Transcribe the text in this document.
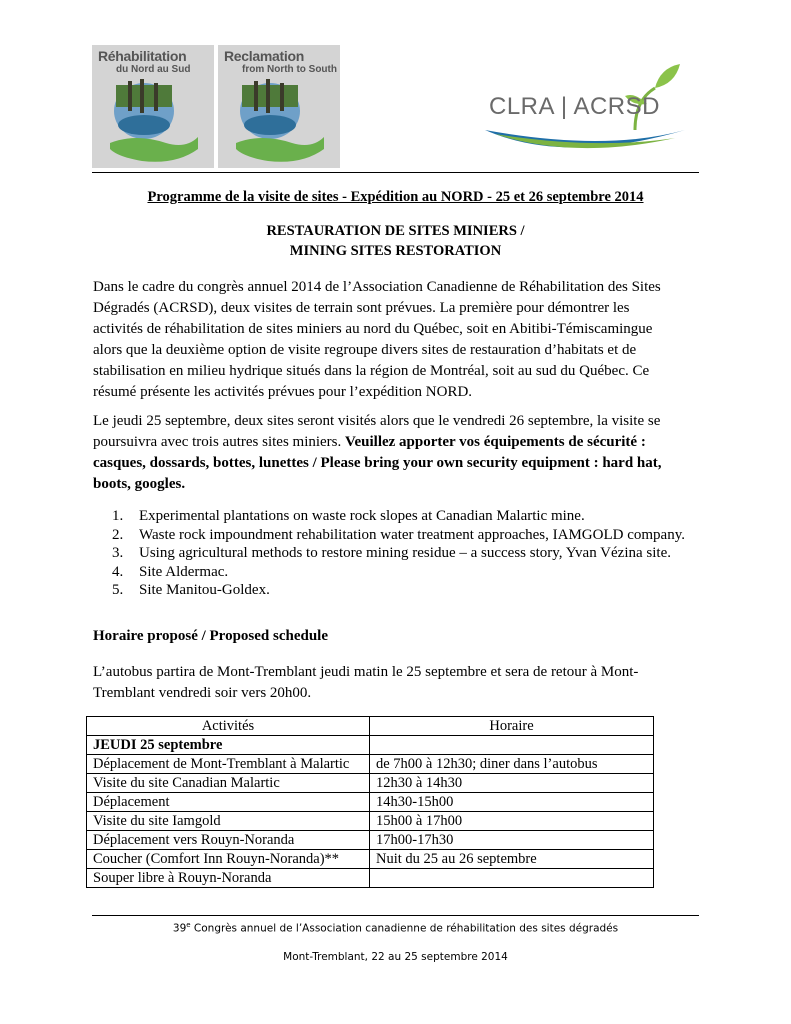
Réhabilitation
du Nord au Sud
Reclamation
from North to South
CLRA | ACRSD
Programme de la visite de sites - Expédition au NORD - 25 et 26 septembre 2014
RESTAURATION DE SITES MINIERS /
MINING SITES RESTORATION
Dans le cadre du congrès annuel 2014 de l’Association Canadienne de Réhabilitation des Sites
Dégradés (ACRSD), deux visites de terrain sont prévues. La première pour démontrer les
activités de réhabilitation de sites miniers au nord du Québec, soit en Abitibi-Témiscamingue
alors que la deuxième option de visite regroupe divers sites de restauration d’habitats et de
stabilisation en milieu hydrique situés dans la région de Montréal, soit au sud du Québec. Ce
résumé présente les activités prévues pour l’expédition NORD.
Le jeudi 25 septembre, deux sites seront visités alors que le vendredi 26 septembre, la visite se
poursuivra avec trois autres sites miniers. Veuillez apporter vos équipements de sécurité :
casques, dossards, bottes, lunettes / Please bring your own security equipment : hard hat,
boots, googles.
1. Experimental plantations on waste rock slopes at Canadian Malartic mine.
2. Waste rock impoundment rehabilitation water treatment approaches, IAMGOLD company.
3. Using agricultural methods to restore mining residue – a success story, Yvan Vézina site.
4. Site Aldermac.
5. Site Manitou-Goldex.
Horaire proposé / Proposed schedule
L’autobus partira de Mont-Tremblant jeudi matin le 25 septembre et sera de retour à Mont-
Tremblant vendredi soir vers 20h00.
Activités	Horaire
JEUDI 25 septembre	
Déplacement de Mont-Tremblant à Malartic	de 7h00 à 12h30; diner dans l’autobus
Visite du site Canadian Malartic	12h30 à 14h30
Déplacement	14h30-15h00
Visite du site Iamgold	15h00 à 17h00
Déplacement vers Rouyn-Noranda	17h00-17h30
Coucher (Comfort Inn Rouyn-Noranda)**	Nuit du 25 au 26 septembre
Souper libre à Rouyn-Noranda	
39e Congrès annuel de l’Association canadienne de réhabilitation des sites dégradés
Mont-Tremblant, 22 au 25 septembre 2014
